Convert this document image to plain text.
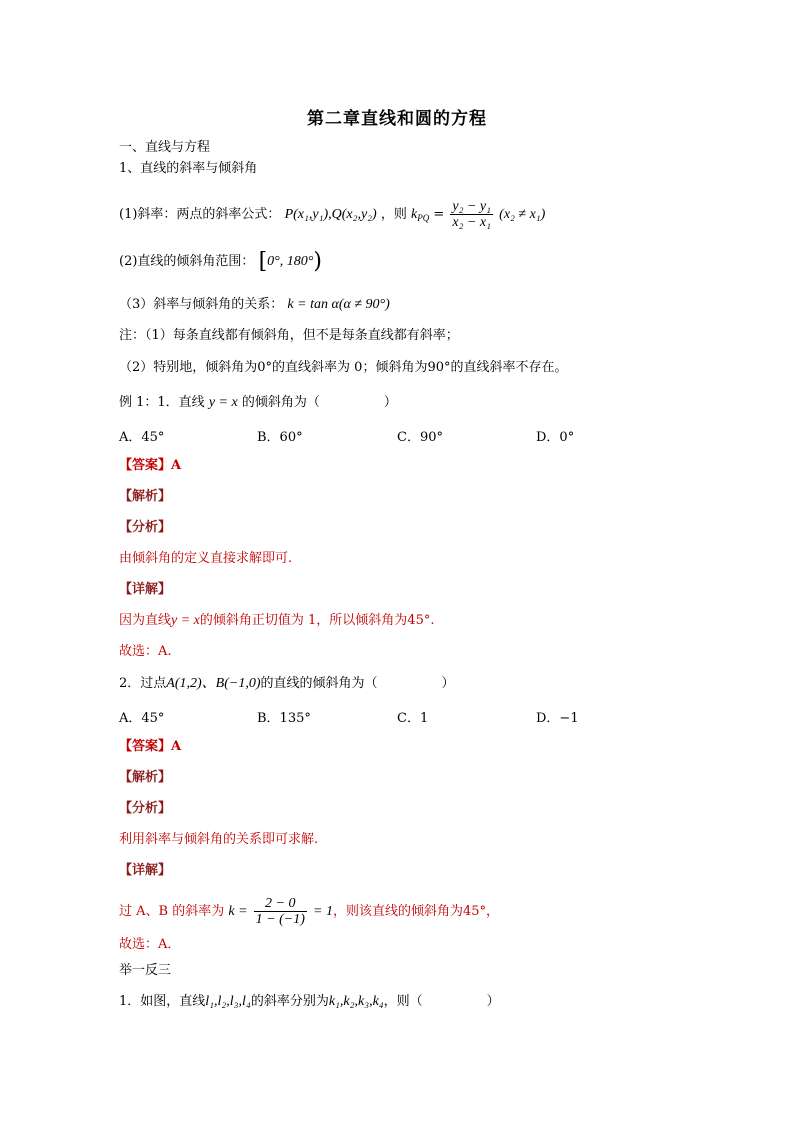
第二章直线和圆的方程
一、直线与方程
1、直线的斜率与倾斜角
(1)斜率：两点的斜率公式： P(x₁,y₁),Q(x₂,y₂) ，则 $k_{PQ} = \frac{\text{y₂ − y₁}}{\text{x₂ − x₁}} (x_2 \ne x_1)$
(2)直线的倾斜角范围： [0°, 180°)
（3）斜率与倾斜角的关系： k = tan α(α ≠ 90°)
注：（1）每条直线都有倾斜角，但不是每条直线都有斜率；
（2）特别地，倾斜角为0°的直线斜率为 0；倾斜角为90°的直线斜率不存在。
例 1：1．直线 y = x 的倾斜角为（	）
A．45°	B．60°	C．90°	D．0°
【答案】A
【解析】
【分析】
由倾斜角的定义直接求解即可.
【详解】
因为直线y = x的倾斜角正切值为 1，所以倾斜角为45°.
故选：A.
2．过点A(1,2)、B(−1,0)的直线的倾斜角为（	）
A．45°	B．135°	C．1	D．−1
【答案】A
【解析】
【分析】
利用斜率与倾斜角的关系即可求解.
【详解】
过 A、B 的斜率为 $k = \frac{2 - 0}{1 - (-1)} = 1$，则该直线的倾斜角为45°，
故选：A．
举一反三
1．如图，直线l₁,l₂,l₃,l₄的斜率分别为k₁,k₂,k₃,k₄，则（	）
